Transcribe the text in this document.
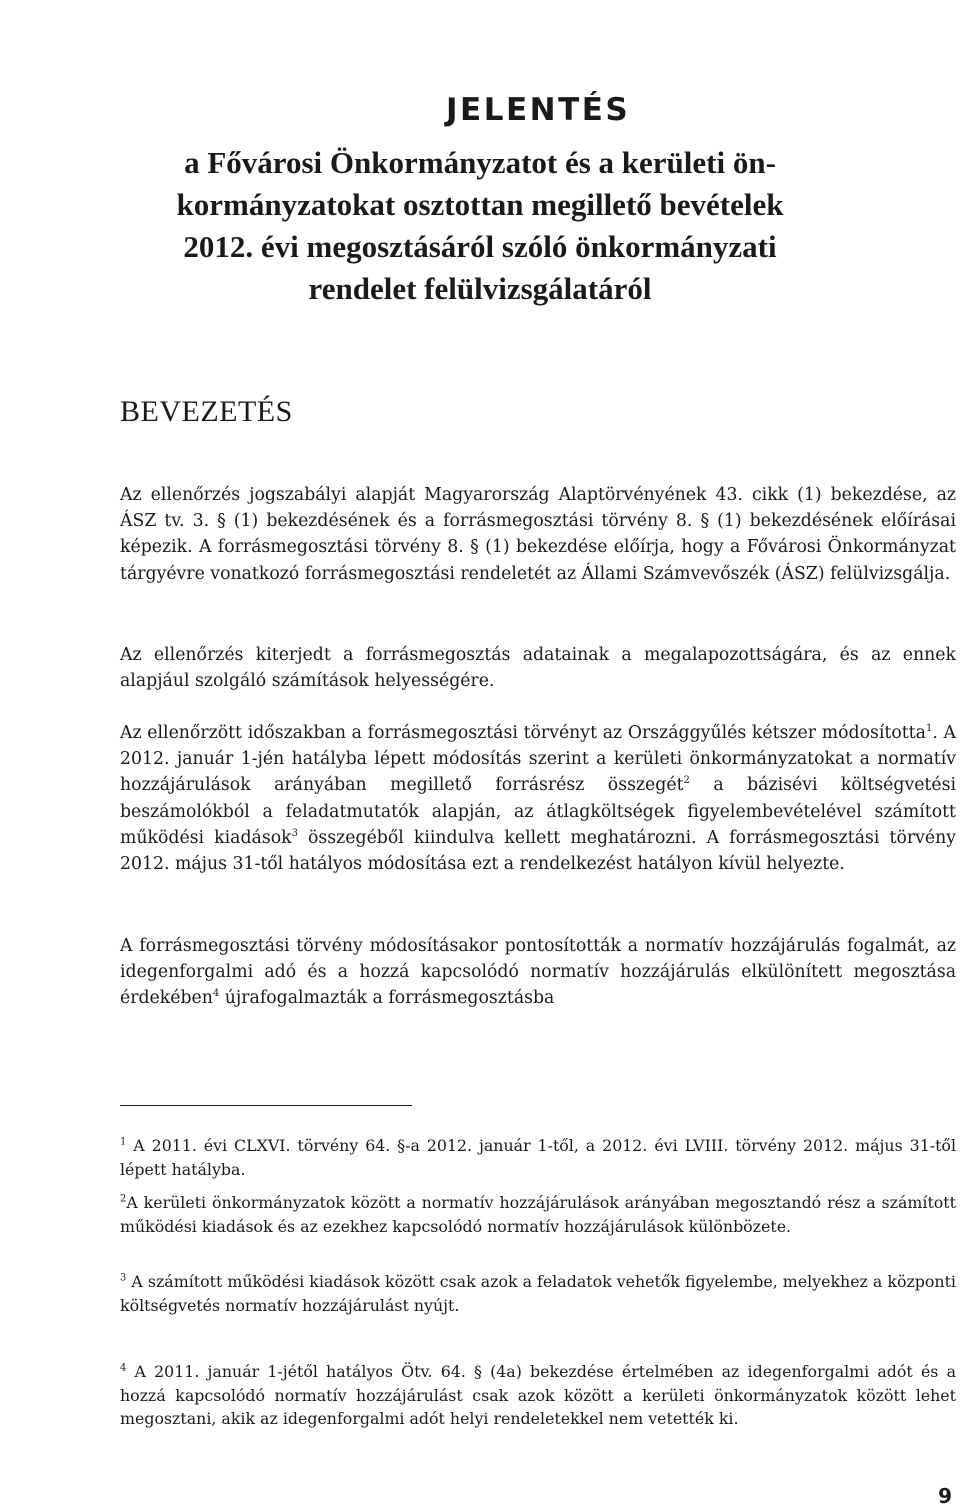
JELENTÉS
a Fővárosi Önkormányzatot és a kerületi ön-
kormányzatokat osztottan megillető bevételek
2012. évi megosztásáról szóló önkormányzati
rendelet felülvizsgálatáról
BEVEZETÉS

Az ellenőrzés jogszabályi alapját Magyarország Alaptörvényének 43. cikk (1) bekezdése, az ÁSZ tv. 3. § (1) bekezdésének és a forrásmegosztási törvény 8. § (1) bekezdésének előírásai képezik. A forrásmegosztási törvény 8. § (1) bekezdése előírja, hogy a Fővárosi Önkormányzat tárgyévre vonatkozó forrásmegosztási rendeletét az Állami Számvevőszék (ÁSZ) felülvizsgálja.

Az ellenőrzés kiterjedt a forrásmegosztás adatainak a megalapozottságára, és az ennek alapjául szolgáló számítások helyességére.

Az ellenőrzött időszakban a forrásmegosztási törvényt az Országgyűlés kétszer módosította$^1$. A 2012. január 1-jén hatályba lépett módosítás szerint a kerületi önkormányzatokat a normatív hozzájárulások arányában megillető forrásrész összegét$^2$ a bázisévi költségvetési beszámolókból a feladatmutatók alapján, az átlagköltségek figyelembevételével számított működési kiadások$^3$ összegéből kiindulva kellett meghatározni. A forrásmegosztási törvény 2012. május 31-től hatályos módosítása ezt a rendelkezést hatályon kívül helyezte.

A forrásmegosztási törvény módosításakor pontosították a normatív hozzájárulás fogalmát, az idegenforgalmi adó és a hozzá kapcsolódó normatív hozzájárulás elkülönített megosztása érdekében$^4$ újrafogalmazták a forrásmegosztásba

$^1$ A 2011. évi CLXVI. törvény 64. §-a 2012. január 1-től, a 2012. évi LVIII. törvény 2012. május 31-től lépett hatályba.

$^2$A kerületi önkormányzatok között a normatív hozzájárulások arányában megosztandó rész a számított működési kiadások és az ezekhez kapcsolódó normatív hozzájárulások különbözete.

$^3$ A számított működési kiadások között csak azok a feladatok vehetők figyelembe, melyekhez a központi költségvetés normatív hozzájárulást nyújt.

$^4$ A 2011. január 1-jétől hatályos Ötv. 64. § (4a) bekezdése értelmében az idegenforgalmi adót és a hozzá kapcsolódó normatív hozzájárulást csak azok között a kerületi önkormányzatok között lehet megosztani, akik az idegenforgalmi adót helyi rendeletekkel nem vetették ki.

9
